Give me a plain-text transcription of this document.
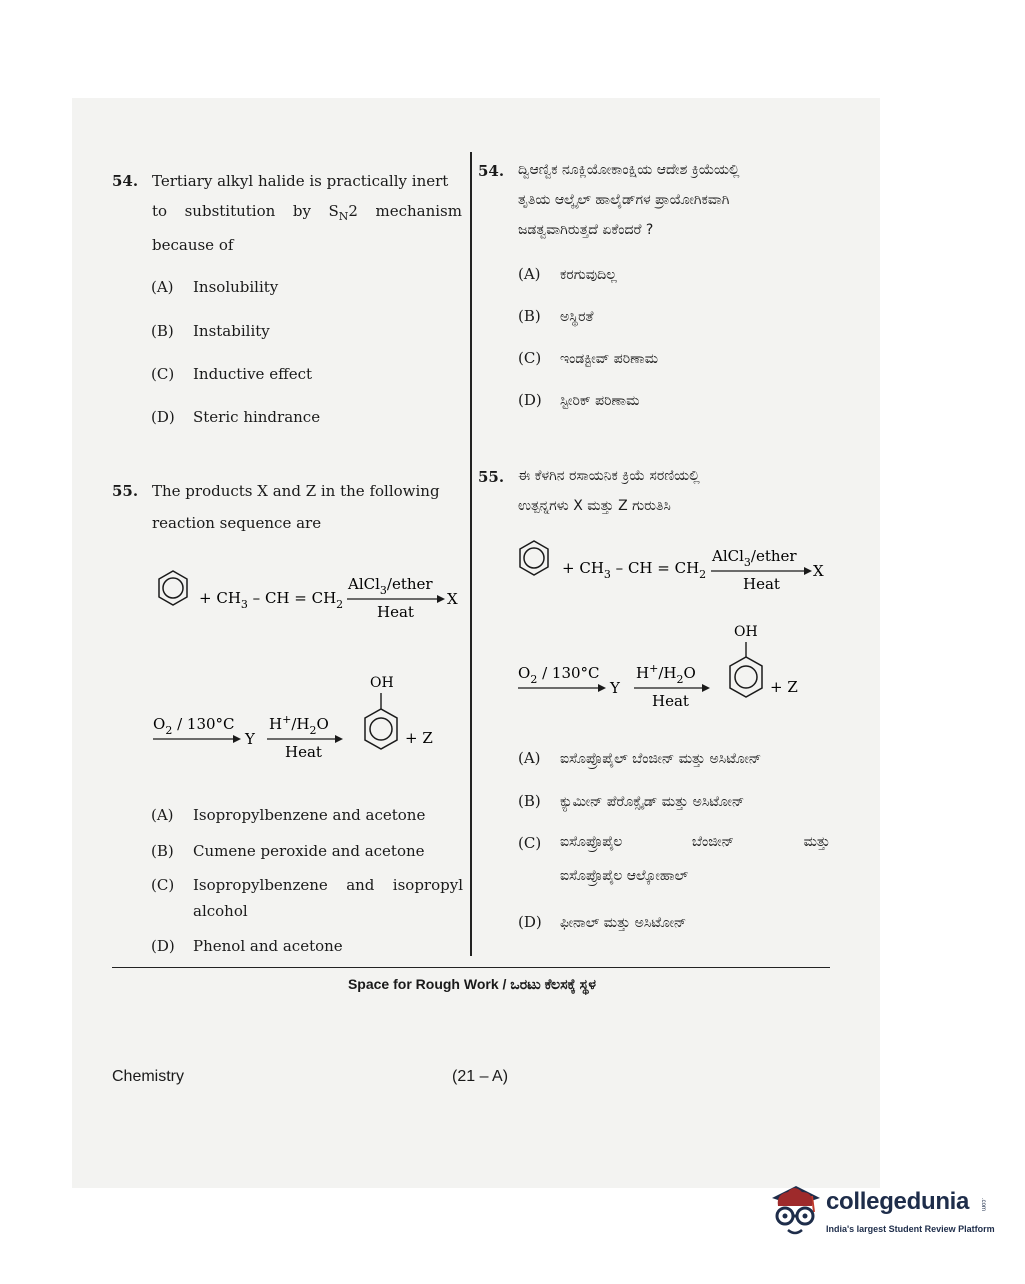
54. Tertiary alkyl halide is practically inert
to substitution by $S_N2$ mechanism
because of
(A) Insolubility
(B) Instability
(C) Inductive effect
(D) Steric hindrance
55. The products X and Z in the following
reaction sequence are
+ $CH_3$ – CH = $CH_2$
AlCl$_3$/ether
X
Heat
$O_2 / 130^\circ C$
Y
$H^+/H_2O$
Heat
OH
+ Z
(A) Isopropylbenzene and acetone
(B) Cumene peroxide and acetone
(C)	Isopropylbenzene and isopropyl
alcohol
(D) Phenol and acetone
54. ದ್ವಿಆಣ್ವಿಕ ನೂಕ್ಲಿಯೋಕಾಂಕ್ಷಿಯ ಆದೇಶ ಕ್ರಿಯೆಯಲ್ಲಿ
ತೃತಿಯ ಆಲ್ಕೈಲ್ ಹಾಲೈಡ್‌ಗಳ ಪ್ರಾಯೋಗಿಕವಾಗಿ
ಜಡತ್ವವಾಗಿರುತ್ತದೆ ಏಕೆಂದರೆ ?
(A) ಕರಗುವುದಿಲ್ಲ
(B) ಅಸ್ಥಿರತೆ
(C) ಇಂಡಕ್ಟೀವ್ ಪರಿಣಾಮ
(D) ಸ್ಟೀರಿಕ್ ಪರಿಣಾಮ
55. ಈ ಕೆಳಗಿನ ರಸಾಯನಿಕ ಕ್ರಿಯೆ ಸರಣಿಯಲ್ಲಿ
ಉತ್ಪನ್ನಗಳು X ಮತ್ತು Z ಗುರುತಿಸಿ
+ $CH_3$ – CH = $CH_2$
AlCl$_3$/ether
X
Heat
OH
$O_2 / 130^\circ C$
Y
$H^+/H_2O$
Heat
+ Z
(A) ಐಸೊಪ್ರೊಪೈಲ್ ಬೆಂಜೀನ್ ಮತ್ತು ಅಸಿಟೋನ್
(B) ಕ್ಯುಮೀನ್ ಪೆರೊಕ್ಸೈಡ್ ಮತ್ತು ಅಸಿಟೋನ್
(C)	ಐಸೊಪ್ರೊಪೈಲ ಬೆಂಜೀನ್ ಮತ್ತು
ಐಸೊಪ್ರೊಪೈಲ ಆಲ್ಕೋಹಾಲ್
(D) ಫೀನಾಲ್ ಮತ್ತು ಅಸಿಟೋನ್
Space for Rough Work / ಒರಟು ಕೆಲಸಕ್ಕೆ ಸ್ಥಳ
Chemistry	(21 – A)
collegedunia .com
India's largest Student Review Platform
